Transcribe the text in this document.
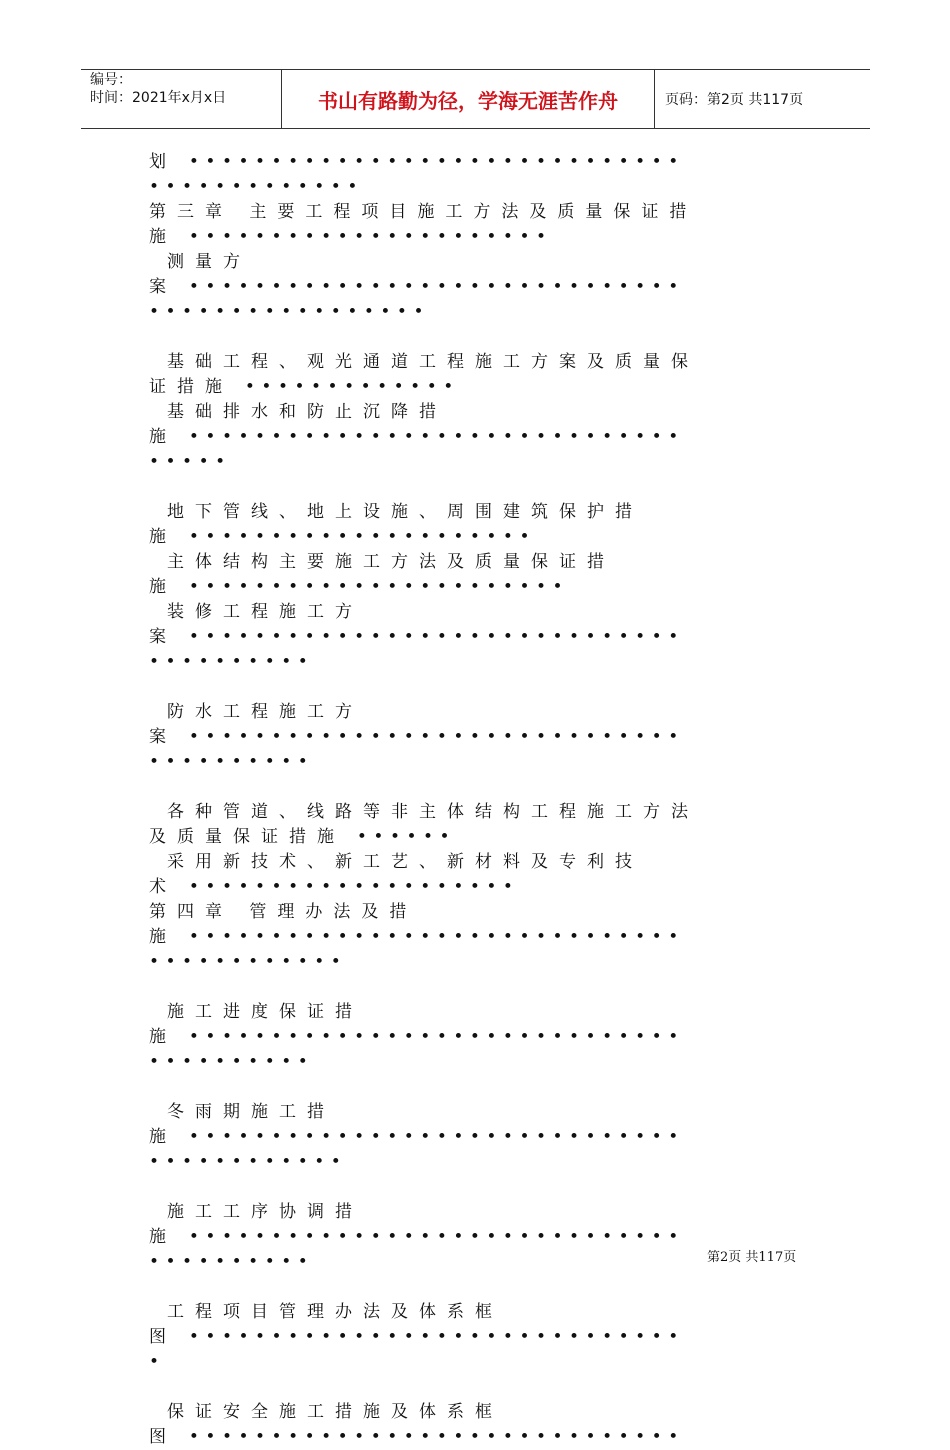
编号：
时间：2021年x月x日	书山有路勤为径，学海无涯苦作舟	页码：第2页 共117页
划 ••••••••••••••••••••••••••••••
•••••••••••••
第三章 主要工程项目施工方法及质量保证措
施 ••••••••••••••••••••••
测量方
案 ••••••••••••••••••••••••••••••
•••••••••••••••••
基础工程、观光通道工程施工方案及质量保
证措施 •••••••••••••
基础排水和防止沉降措
施 ••••••••••••••••••••••••••••••
•••••
地下管线、地上设施、周围建筑保护措
施 •••••••••••••••••••••
主体结构主要施工方法及质量保证措
施 •••••••••••••••••••••••
装修工程施工方
案 ••••••••••••••••••••••••••••••
••••••••••
防水工程施工方
案 ••••••••••••••••••••••••••••••
••••••••••
各种管道、线路等非主体结构工程施工方法
及质量保证措施 ••••••
采用新技术、新工艺、新材料及专利技
术 ••••••••••••••••••••
第四章 管理办法及措
施 ••••••••••••••••••••••••••••••
••••••••••••
施工进度保证措
施 ••••••••••••••••••••••••••••••
••••••••••
冬雨期施工措
施 ••••••••••••••••••••••••••••••
••••••••••••
施工工序协调措
施 ••••••••••••••••••••••••••••••
••••••••••
工程项目管理办法及体系框
图 ••••••••••••••••••••••••••••••
•
保证安全施工措施及体系框
图 ••••••••••••••••••••••••••••••
第2页 共117页
